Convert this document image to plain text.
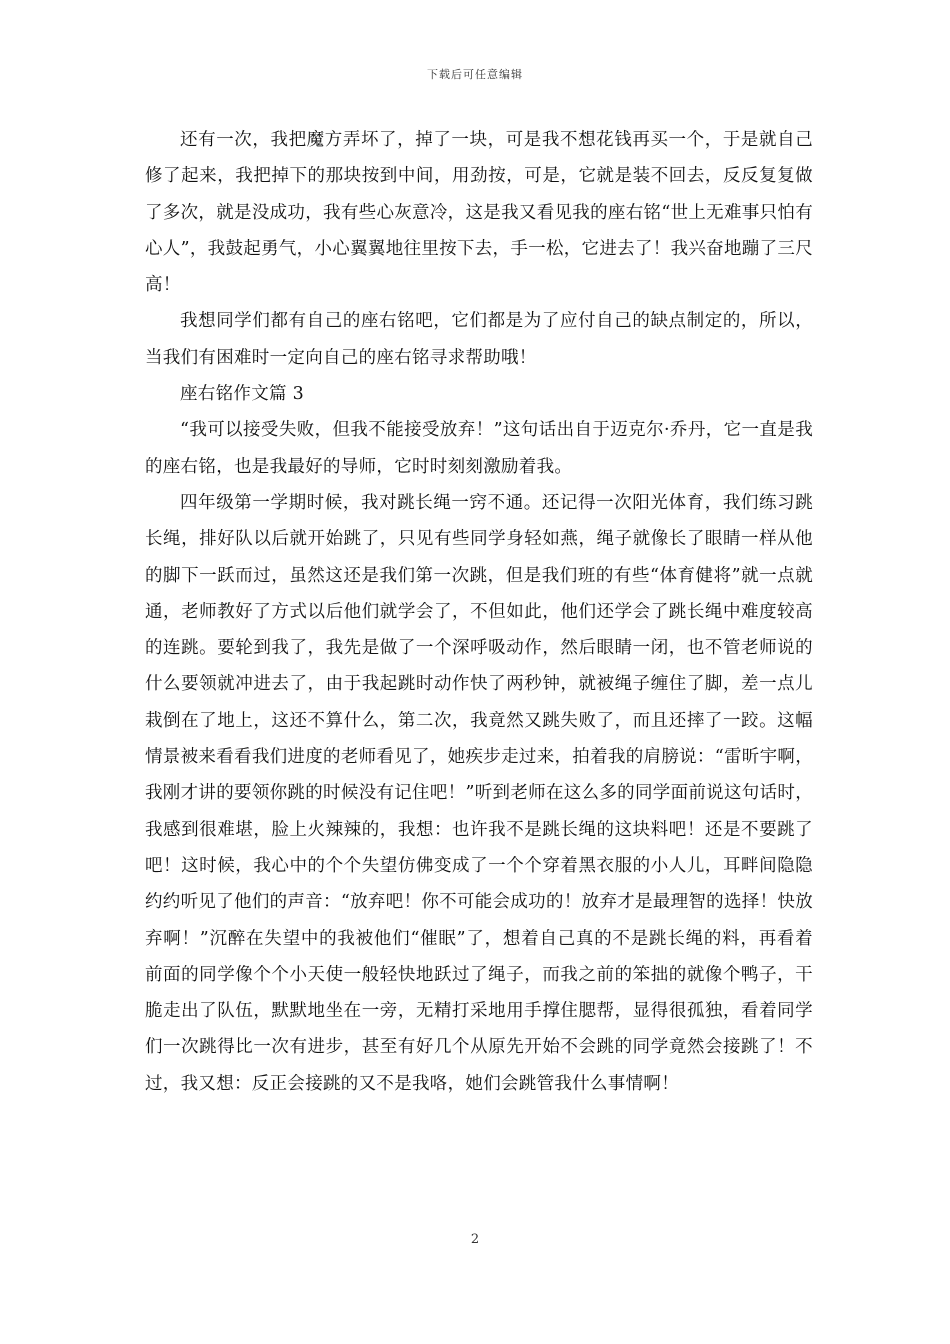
下载后可任意编辑

还有一次，我把魔方弄坏了，掉了一块，可是我不想花钱再买一个，于是就自己修了起来，我把掉下的那块按到中间，用劲按，可是，它就是装不回去，反反复复做了多次，就是没成功，我有些心灰意冷，这是我又看见我的座右铭“世上无难事只怕有心人”，我鼓起勇气，小心翼翼地往里按下去，手一松，它进去了！我兴奋地蹦了三尺高！

我想同学们都有自己的座右铭吧，它们都是为了应付自己的缺点制定的，所以，当我们有困难时一定向自己的座右铭寻求帮助哦！

座右铭作文篇 3

“我可以接受失败，但我不能接受放弃！”这句话出自于迈克尔·乔丹，它一直是我的座右铭，也是我最好的导师，它时时刻刻激励着我。

四年级第一学期时候，我对跳长绳一窍不通。还记得一次阳光体育，我们练习跳长绳，排好队以后就开始跳了，只见有些同学身轻如燕，绳子就像长了眼睛一样从他的脚下一跃而过，虽然这还是我们第一次跳，但是我们班的有些“体育健将”就一点就通，老师教好了方式以后他们就学会了，不但如此，他们还学会了跳长绳中难度较高的连跳。要轮到我了，我先是做了一个深呼吸动作，然后眼睛一闭，也不管老师说的什么要领就冲进去了，由于我起跳时动作快了两秒钟，就被绳子缠住了脚，差一点儿栽倒在了地上，这还不算什么，第二次，我竟然又跳失败了，而且还摔了一跤。这幅情景被来看看我们进度的老师看见了，她疾步走过来，拍着我的肩膀说：“雷昕宇啊，我刚才讲的要领你跳的时候没有记住吧！”听到老师在这么多的同学面前说这句话时，我感到很难堪，脸上火辣辣的，我想：也许我不是跳长绳的这块料吧！还是不要跳了吧！这时候，我心中的个个失望仿佛变成了一个个穿着黑衣服的小人儿，耳畔间隐隐约约听见了他们的声音：“放弃吧！你不可能会成功的！放弃才是最理智的选择！快放弃啊！”沉醉在失望中的我被他们“催眠”了，想着自己真的不是跳长绳的料，再看着前面的同学像个个小天使一般轻快地跃过了绳子，而我之前的笨拙的就像个鸭子，干脆走出了队伍，默默地坐在一旁，无精打采地用手撑住腮帮，显得很孤独，看着同学们一次跳得比一次有进步，甚至有好几个从原先开始不会跳的同学竟然会接跳了！不过，我又想：反正会接跳的又不是我咯，她们会跳管我什么事情啊！

2
